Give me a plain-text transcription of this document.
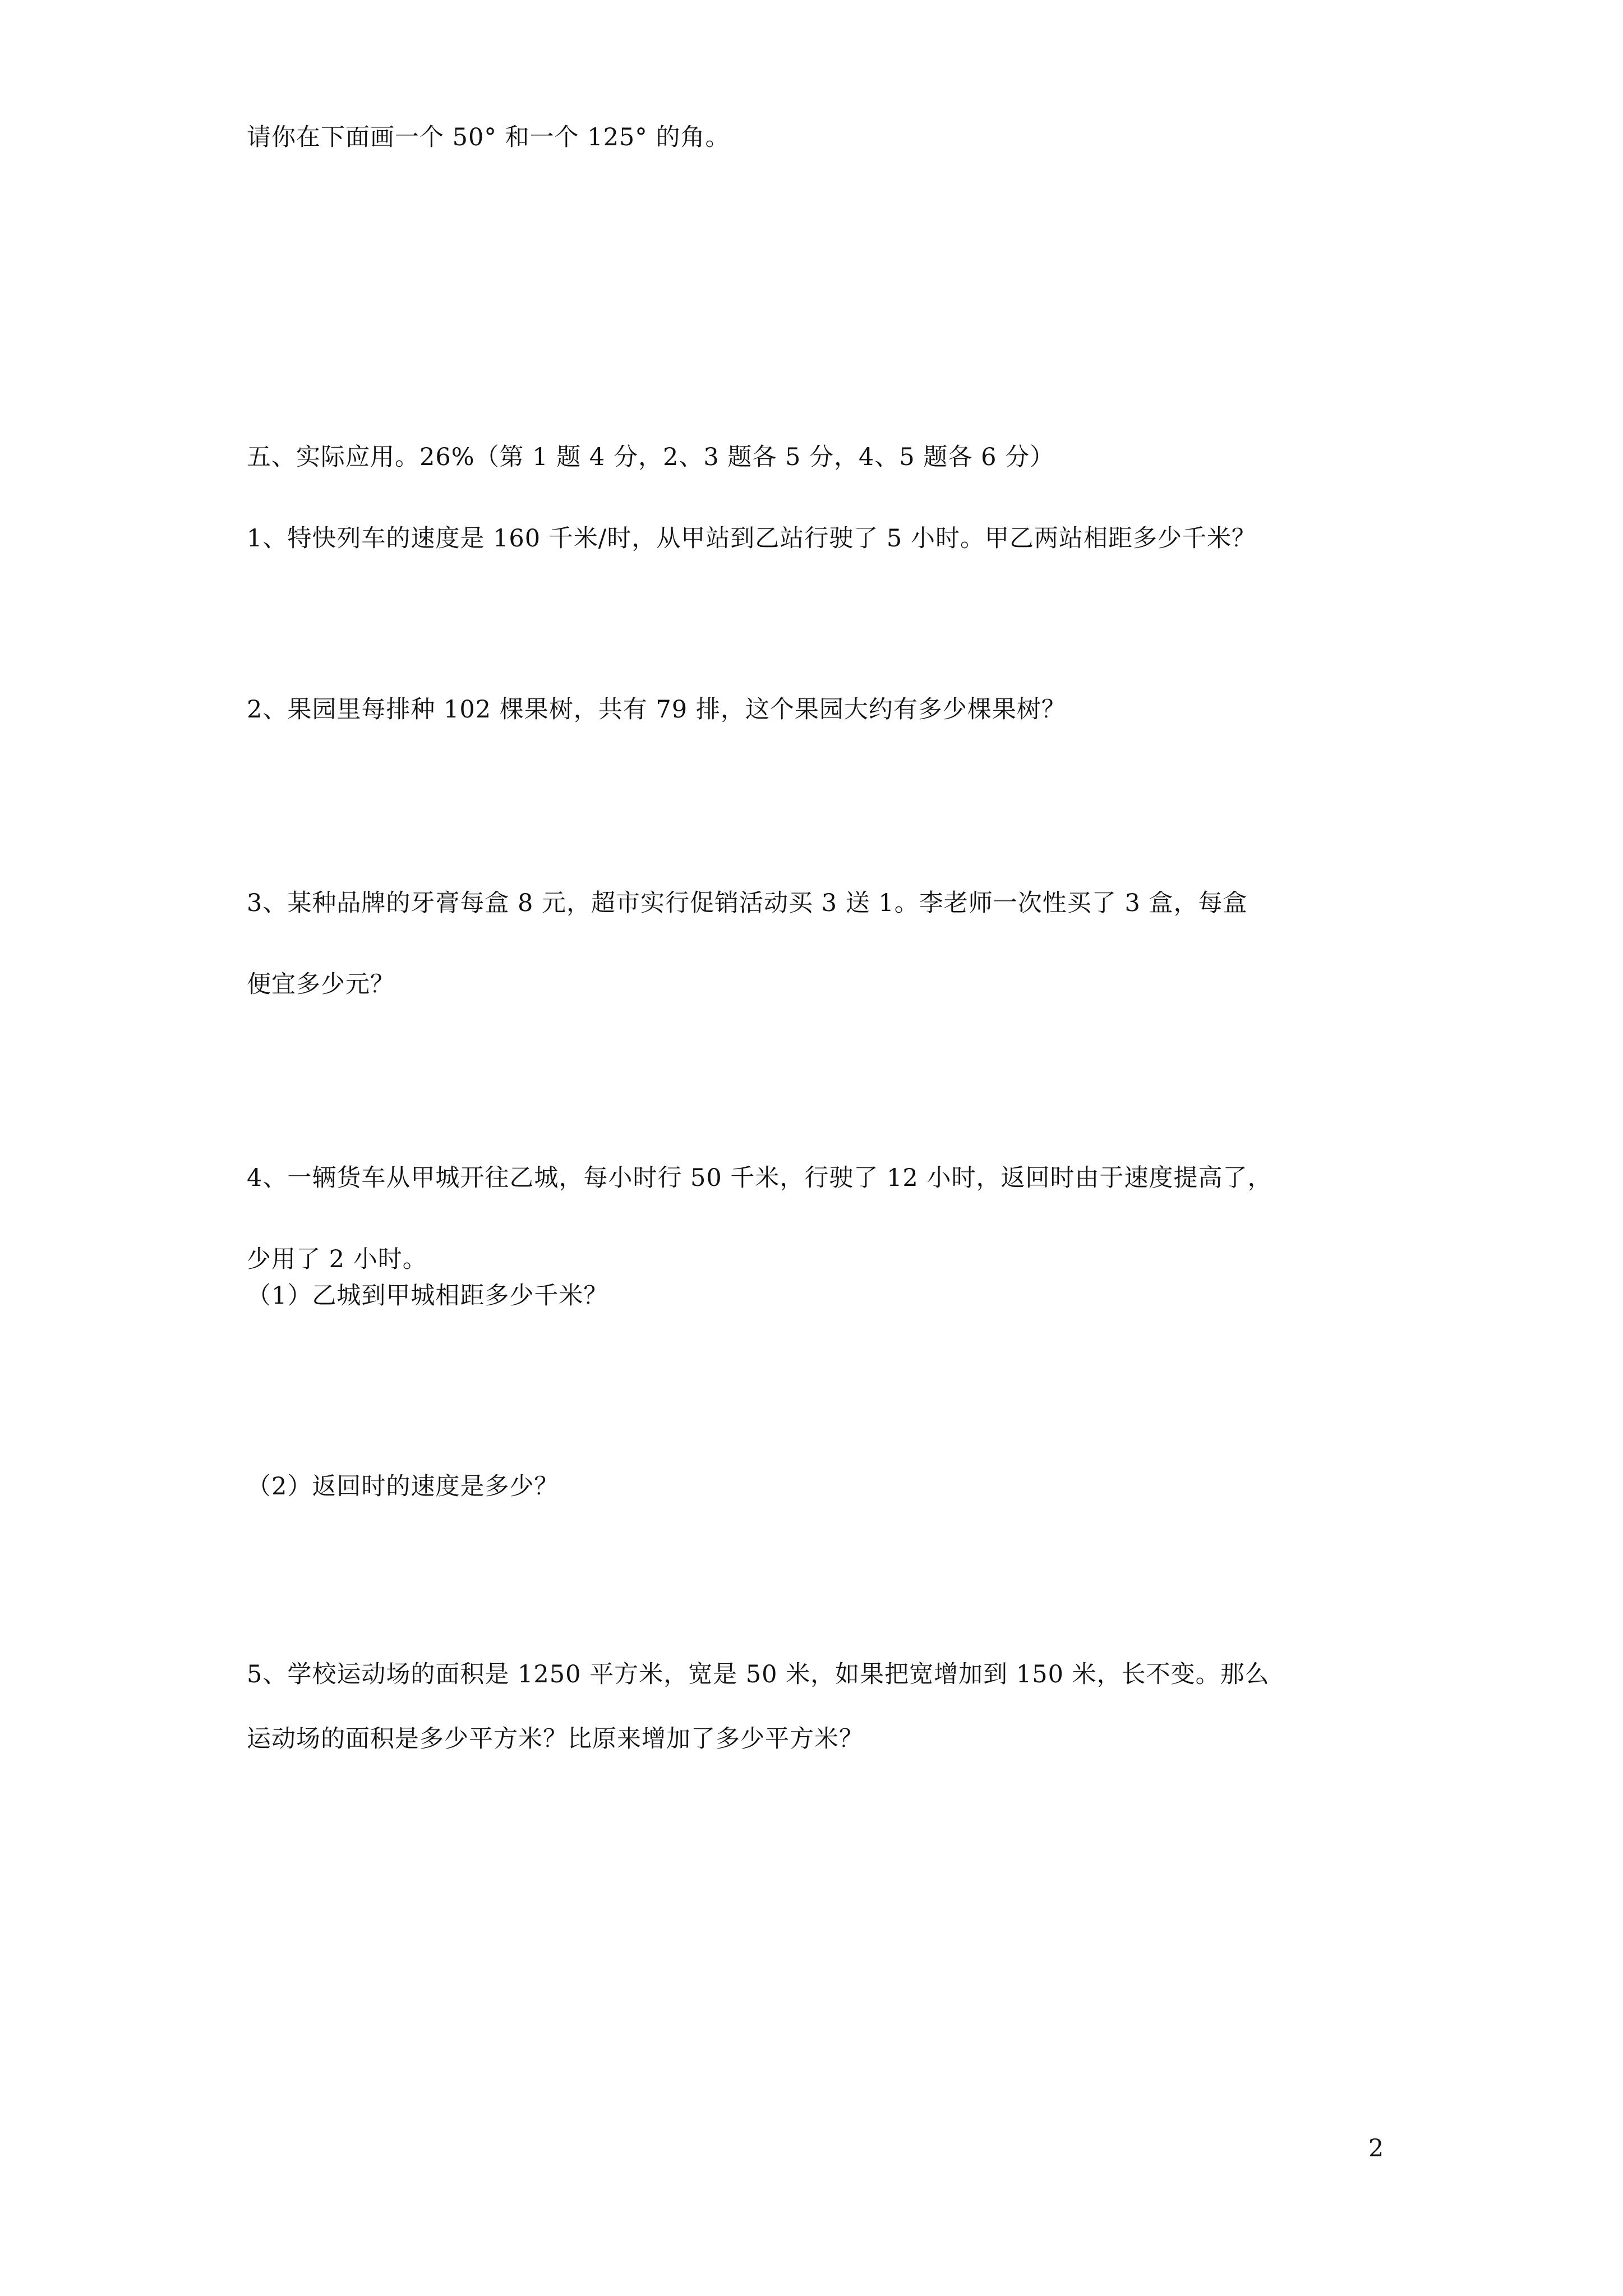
请你在下面画一个 50° 和一个 125° 的角。
五、实际应用。26%（第 1 题 4 分，2、3 题各 5 分，4、5 题各 6 分）
1、特快列车的速度是 160 千米/时，从甲站到乙站行驶了 5 小时。甲乙两站相距多少千米？
2、果园里每排种 102 棵果树，共有 79 排，这个果园大约有多少棵果树？
3、某种品牌的牙膏每盒 8 元，超市实行促销活动买 3 送 1。李老师一次性买了 3 盒，每盒
便宜多少元？
4、一辆货车从甲城开往乙城，每小时行 50 千米，行驶了 12 小时，返回时由于速度提高了，
少用了 2 小时。
（1）乙城到甲城相距多少千米？
（2）返回时的速度是多少？
5、学校运动场的面积是 1250 平方米，宽是 50 米，如果把宽增加到 150 米，长不变。那么
运动场的面积是多少平方米？比原来增加了多少平方米？
2
